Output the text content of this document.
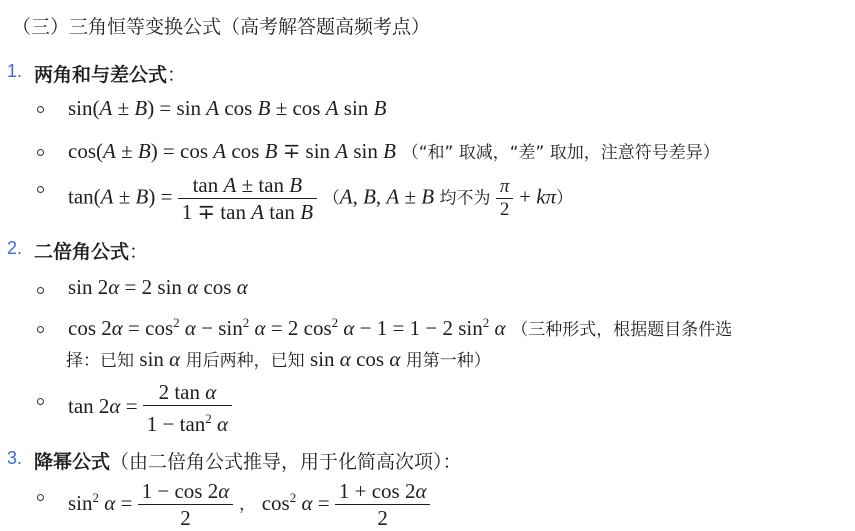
（三）三角恒等变换公式（高考解答题高频考点）
1. 两角和与差公式：
sin(A ± B) = sin A cos B ± cos A sin B
cos(A ± B) = cos A cos B ∓ sin A sin B （“和” 取减，“差” 取加，注意符号差异）
$\tan(A \pm B) = \frac{\text{tan A ± tan B}}{\text{1 ∓ tan A tan B}} (A$, B, A ± B 均不为 $\frac{\pi}{2} + k\pi$）
2. 二倍角公式：
sin 2α = 2 sin α cos α
$\cos 2\alpha = \cos^2 \alpha - \sin^2 \alpha = 2$ $\cos^2 \alpha - 1 = 1 - 2$ $\sin^2 \alpha$ （三种形式，根据题目条件选
择：已知 sin α 用后两种，已知 sin α cos α 用第一种）
$\tan 2\alpha = \frac{\text{2 tan α}}{1 - \tan^2 \alpha}$
3. 降幂公式（由二倍角公式推导，用于化简高次项）：
$\sin^2 \alpha = \frac{1 - \cos 2\alpha}{2}$ ， $\cos^2 \alpha = \frac{1 + \cos 2\alpha}{2}$
